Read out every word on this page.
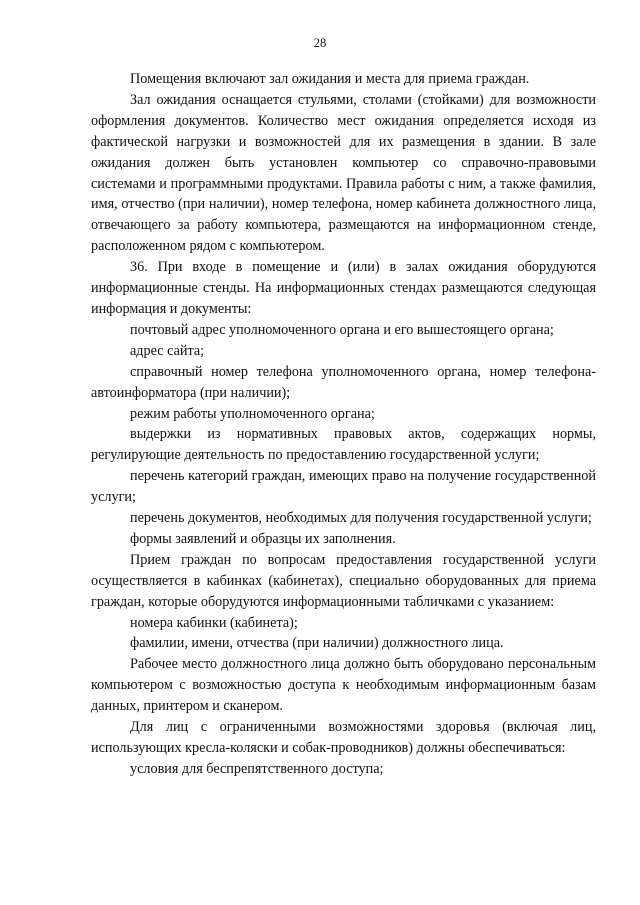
28

Помещения включают зал ожидания и места для приема граждан.

Зал ожидания оснащается стульями, столами (стойками) для возможности оформления документов. Количество мест ожидания определяется исходя из фактической нагрузки и возможностей для их размещения в здании. В зале ожидания должен быть установлен компьютер со справочно-правовыми системами и программными продуктами. Правила работы с ним, а также фамилия, имя, отчество (при наличии), номер телефона, номер кабинета должностного лица, отвечающего за работу компьютера, размещаются на информационном стенде, расположенном рядом с компьютером.

36. При входе в помещение и (или) в залах ожидания оборудуются информационные стенды. На информационных стендах размещаются следующая информация и документы:

почтовый адрес уполномоченного органа и его вышестоящего органа;

адрес сайта;

справочный номер телефона уполномоченного органа, номер телефона-автоинформатора (при наличии);

режим работы уполномоченного органа;

выдержки из нормативных правовых актов, содержащих нормы, регулирующие деятельность по предоставлению государственной услуги;

перечень категорий граждан, имеющих право на получение государственной услуги;

перечень документов, необходимых для получения государственной услуги;

формы заявлений и образцы их заполнения.

Прием граждан по вопросам предоставления государственной услуги осуществляется в кабинках (кабинетах), специально оборудованных для приема граждан, которые оборудуются информационными табличками с указанием:

номера кабинки (кабинета);

фамилии, имени, отчества (при наличии) должностного лица.

Рабочее место должностного лица должно быть оборудовано персональным компьютером с возможностью доступа к необходимым информационным базам данных, принтером и сканером.

Для лиц с ограниченными возможностями здоровья (включая лиц, использующих кресла-коляски и собак-проводников) должны обеспечиваться:

условия для беспрепятственного доступа;
